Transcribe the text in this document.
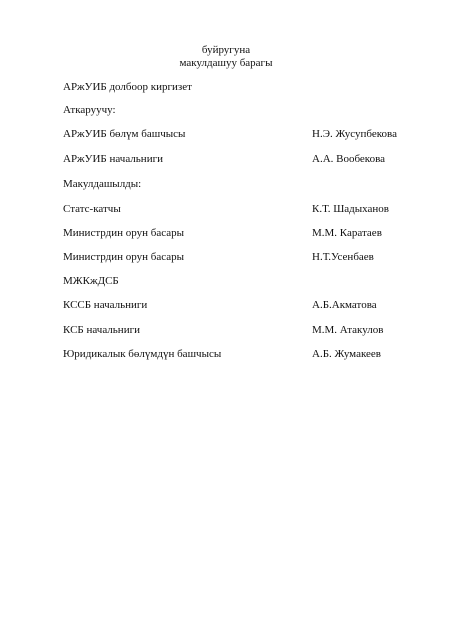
буйругуна
макулдашуу барагы
АРжУИБ долбоор киргизет
Аткаруучу:
АРжУИБ бөлүм башчысы	Н.Э. Жусупбекова
АРжУИБ начальниги	А.А. Boобекова
Макулдашылды:
Статс-катчы	К.Т. Шадыханов
Министрдин орун басары	М.М. Каратаев
Министрдин орун басары	Н.Т.Усенбаев
МЖКжДСБ
КССБ начальниги	А.Б.Акматова
КСБ начальниги	М.М. Атакулов
Юридикалык бөлүмдүн башчысы	А.Б. Жумакеев
